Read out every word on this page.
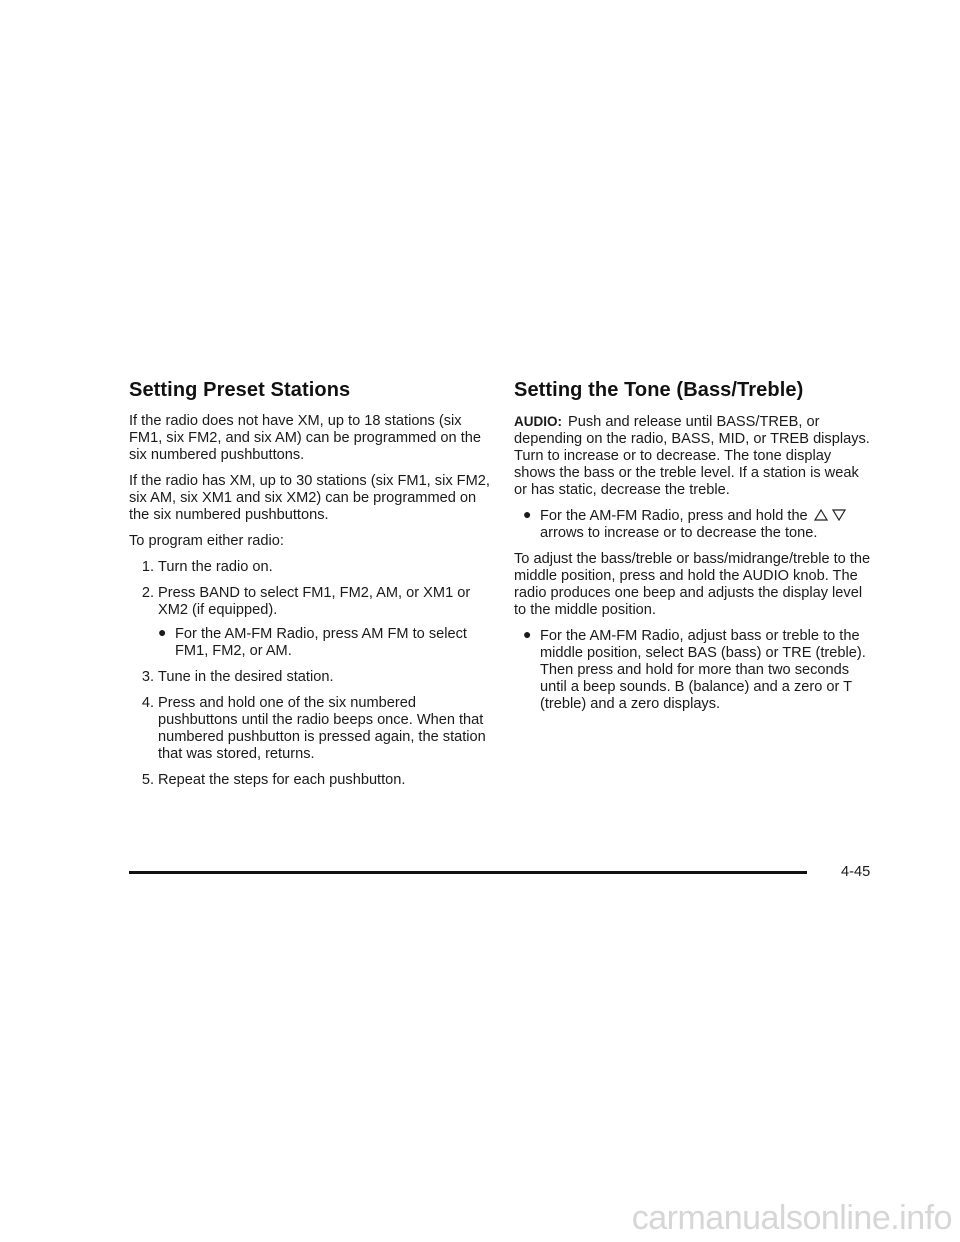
Setting Preset Stations

If the radio does not have XM, up to 18 stations (six FM1, six FM2, and six AM) can be programmed on the six numbered pushbuttons.

If the radio has XM, up to 30 stations (six FM1, six FM2, six AM, six XM1 and six XM2) can be programmed on the six numbered pushbuttons.

To program either radio:

1. Turn the radio on.
2. Press BAND to select FM1, FM2, AM, or XM1 or XM2 (if equipped).
● For the AM-FM Radio, press AM FM to select FM1, FM2, or AM.
3. Tune in the desired station.
4. Press and hold one of the six numbered pushbuttons until the radio beeps once. When that numbered pushbutton is pressed again, the station that was stored, returns.
5. Repeat the steps for each pushbutton.
Setting the Tone (Bass/Treble)

AUDIO: Push and release until BASS/TREB, or depending on the radio, BASS, MID, or TREB displays. Turn to increase or to decrease. The tone display shows the bass or the treble level. If a station is weak or has static, decrease the treble.

● For the AM-FM Radio, press and hold the
arrows to increase or to decrease the tone.

To adjust the bass/treble or bass/midrange/treble to the middle position, press and hold the AUDIO knob. The radio produces one beep and adjusts the display level to the middle position.

● For the AM-FM Radio, adjust bass or treble to the middle position, select BAS (bass) or TRE (treble). Then press and hold for more than two seconds until a beep sounds. B (balance) and a zero or T (treble) and a zero displays.
4-45
carmanualsonline.info
